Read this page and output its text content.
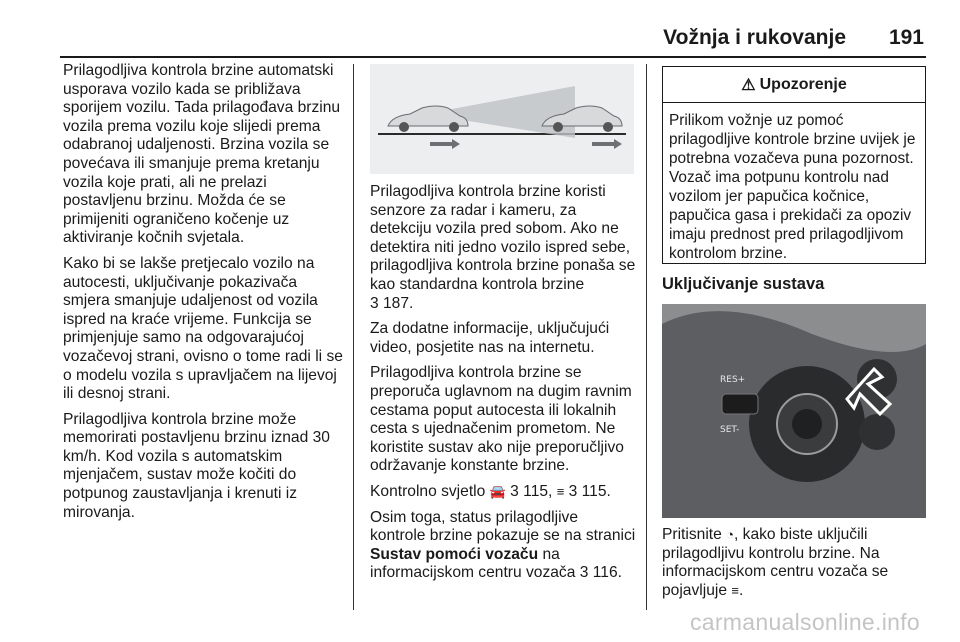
Vožnja i rukovanje 191

Prilagodljiva kontrola brzine automatski usporava vozilo kada se približava sporijem vozilu. Tada prilagođava brzinu vozila prema vozilu koje slijedi prema odabranoj udaljenosti. Brzina vozila se povećava ili smanjuje prema kretanju vozila koje prati, ali ne prelazi postavljenu brzinu. Možda će se primijeniti ograničeno kočenje uz aktiviranje kočnih svjetala.

Kako bi se lakše pretjecalo vozilo na autocesti, uključivanje pokazivača smjera smanjuje udaljenost od vozila ispred na kraće vrijeme. Funkcija se primjenjuje samo na odgovarajućoj vozačevoj strani, ovisno o tome radi li se o modelu vozila s upravljačem na lijevoj ili desnoj strani.

Prilagodljiva kontrola brzine može memorirati postavljenu brzinu iznad 30 km/h. Kod vozila s automatskim mjenjačem, sustav može kočiti do potpunog zaustavljanja i krenuti iz mirovanja.

Prilagodljiva kontrola brzine koristi senzore za radar i kameru, za detekciju vozila pred sobom. Ako ne detektira niti jedno vozilo ispred sebe, prilagodljiva kontrola brzine ponaša se kao standardna kontrola brzine
3 187.

Za dodatne informacije, uključujući video, posjetite nas na internetu.

Prilagodljiva kontrola brzine se preporuča uglavnom na dugim ravnim cestama poput autocesta ili lokalnih cesta s ujednačenim prometom. Ne koristite sustav ako nije preporučljivo održavanje konstante brzine.

Kontrolno svjetlo 🚘 3 115, ≡ 3 115.

Osim toga, status prilagodljive kontrole brzine pokazuje se na stranici Sustav pomoći vozaču na informacijskom centru vozača 3 116.

⚠ Upozorenje
Prilikom vožnje uz pomoć prilagodljive kontrole brzine uvijek je potrebna vozačeva puna pozornost. Vozač ima potpunu kontrolu nad vozilom jer papučica kočnice, papučica gasa i prekidači za opoziv imaju prednost pred prilagodljivom kontrolom brzine.
Uključivanje sustava
RES+
SET-
Pritisnite ◔, kako biste uključili prilagodljivu kontrolu brzine. Na informacijskom centru vozača se pojavljuje ≡.
carmanualsonline.info
